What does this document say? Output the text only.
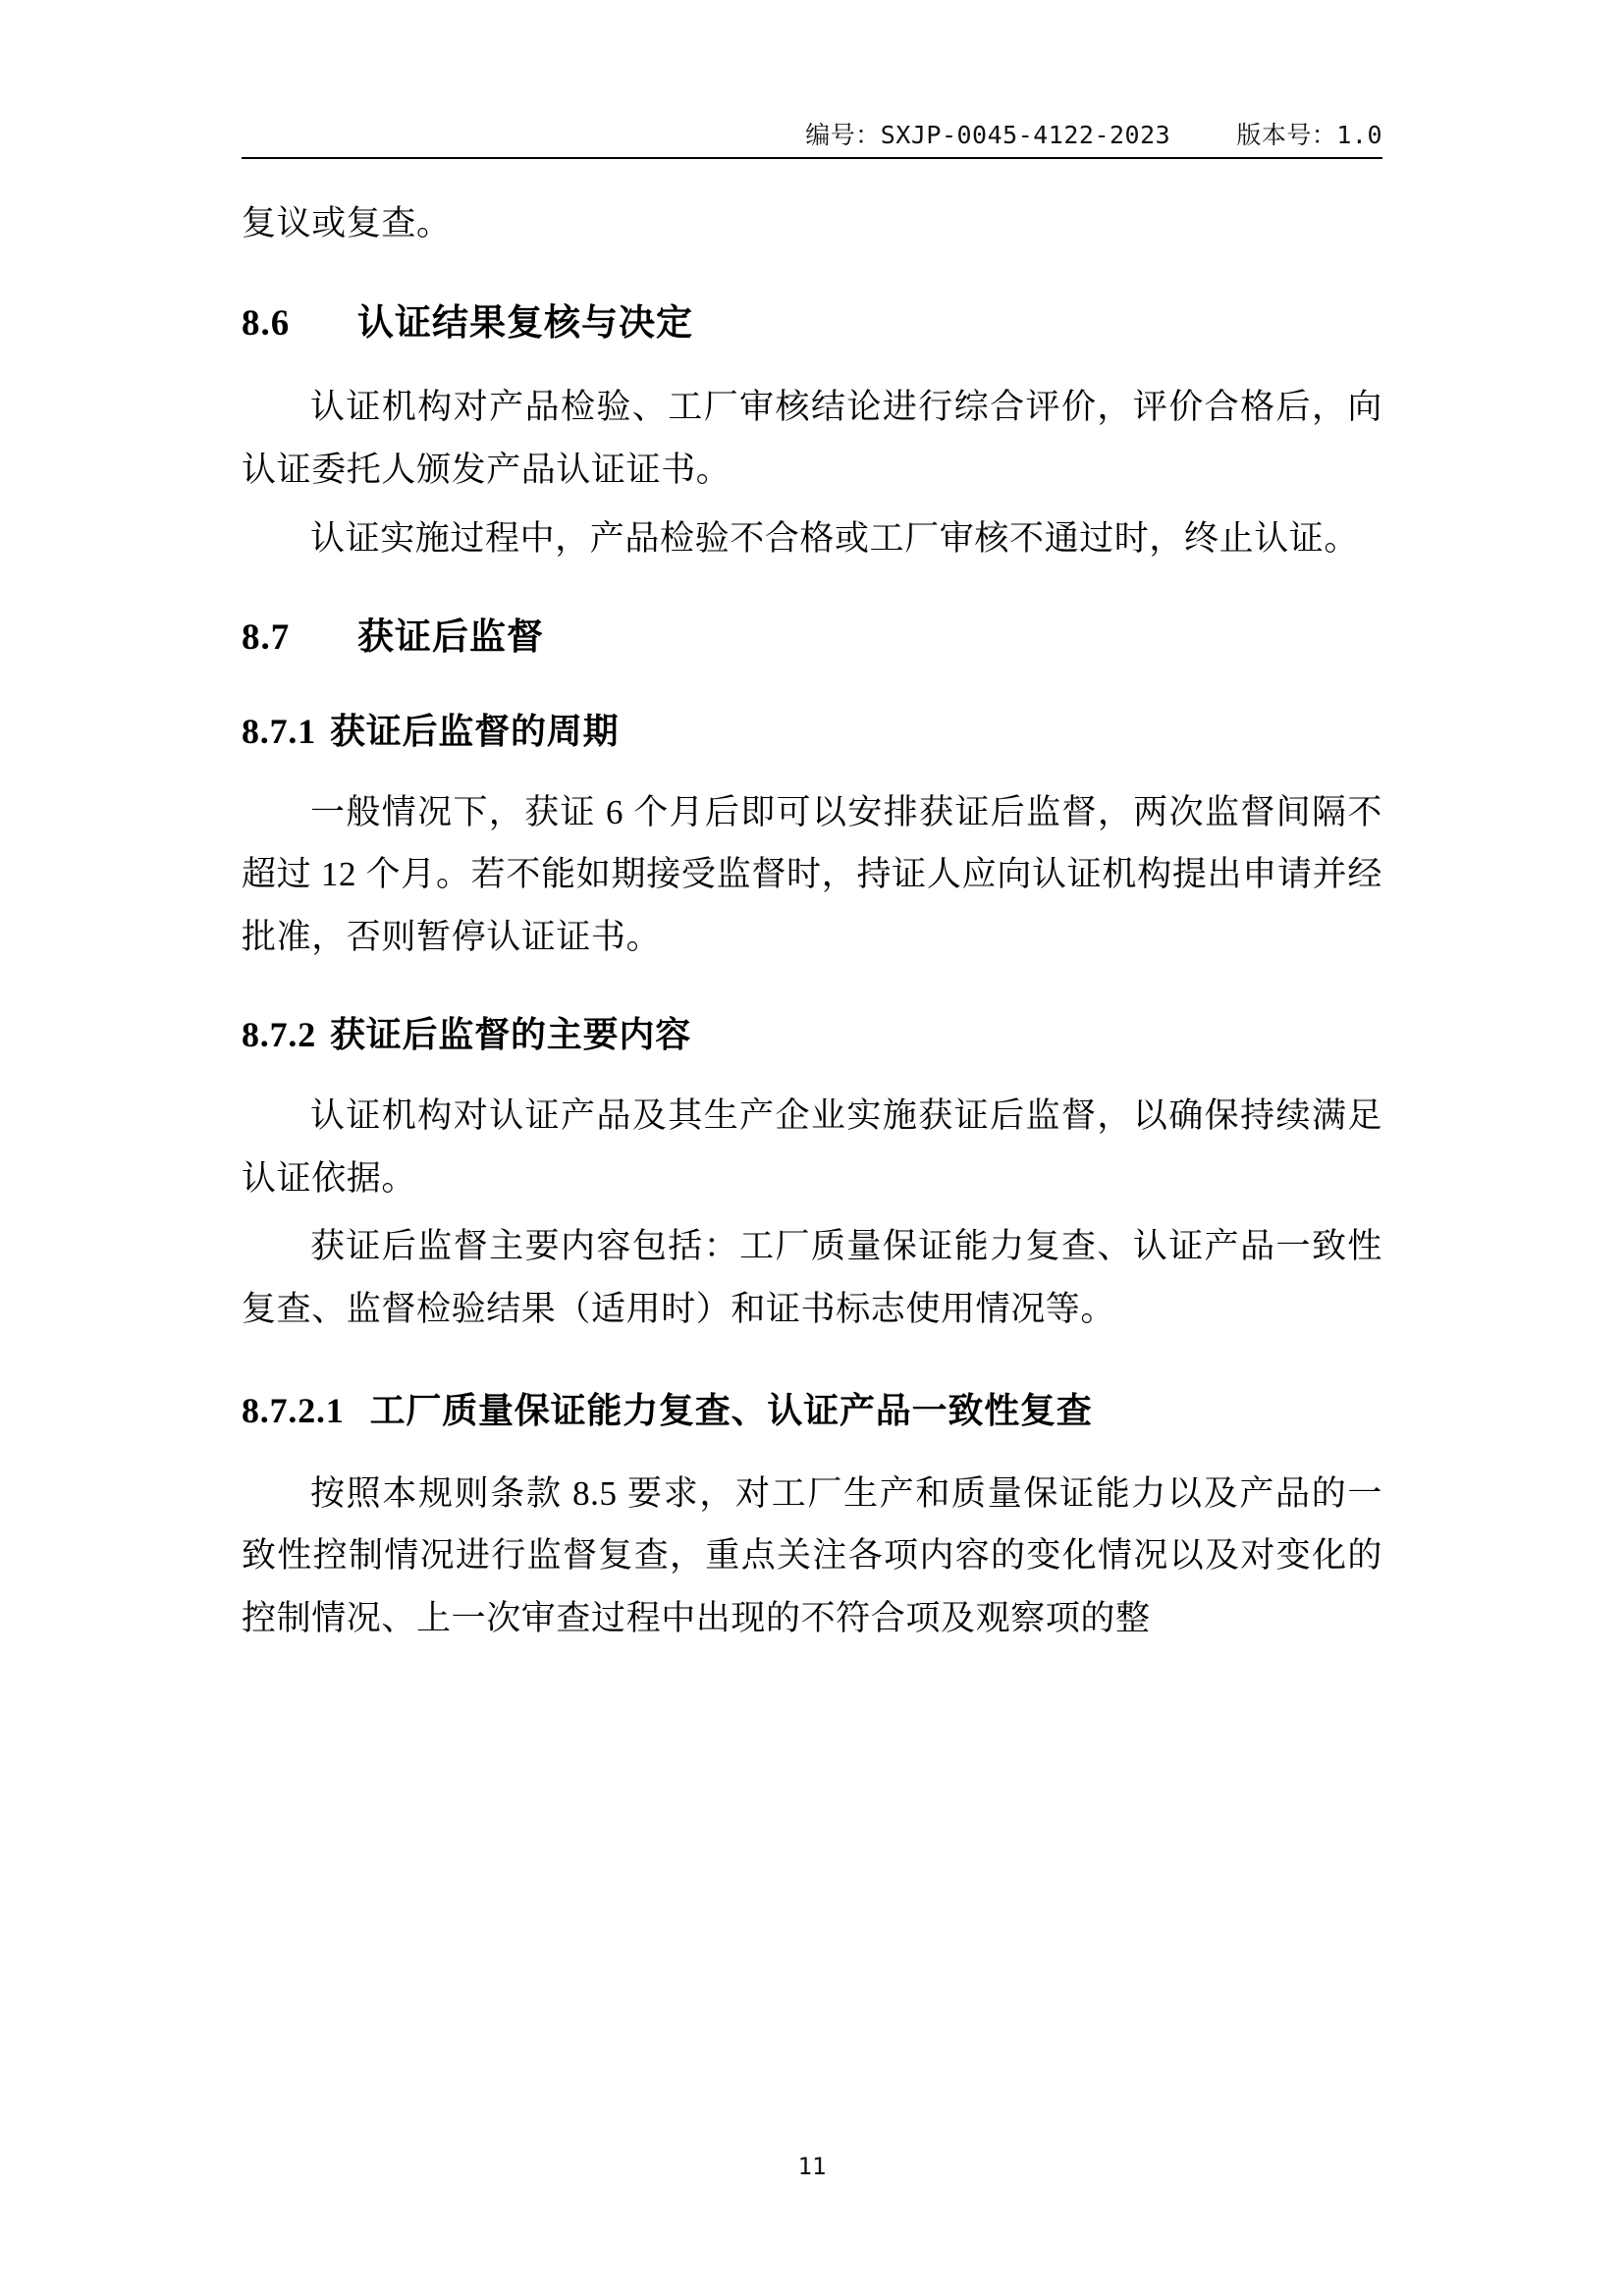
编号：SXJP-0045-4122-2023	版本号：1.0

复议或复查。

8.6 认证结果复核与决定

认证机构对产品检验、工厂审核结论进行综合评价，评价合格后，向认证委托人颁发产品认证证书。

认证实施过程中，产品检验不合格或工厂审核不通过时，终止认证。

8.7 获证后监督
8.7.1 获证后监督的周期

一般情况下，获证 6 个月后即可以安排获证后监督，两次监督间隔不超过 12 个月。若不能如期接受监督时，持证人应向认证机构提出申请并经批准，否则暂停认证证书。

8.7.2 获证后监督的主要内容

认证机构对认证产品及其生产企业实施获证后监督，以确保持续满足认证依据。

获证后监督主要内容包括：工厂质量保证能力复查、认证产品一致性复查、监督检验结果（适用时）和证书标志使用情况等。

8.7.2.1 工厂质量保证能力复查、认证产品一致性复查

按照本规则条款 8.5 要求，对工厂生产和质量保证能力以及产品的一致性控制情况进行监督复查，重点关注各项内容的变化情况以及对变化的控制情况、上一次审查过程中出现的不符合项及观察项的整

11
